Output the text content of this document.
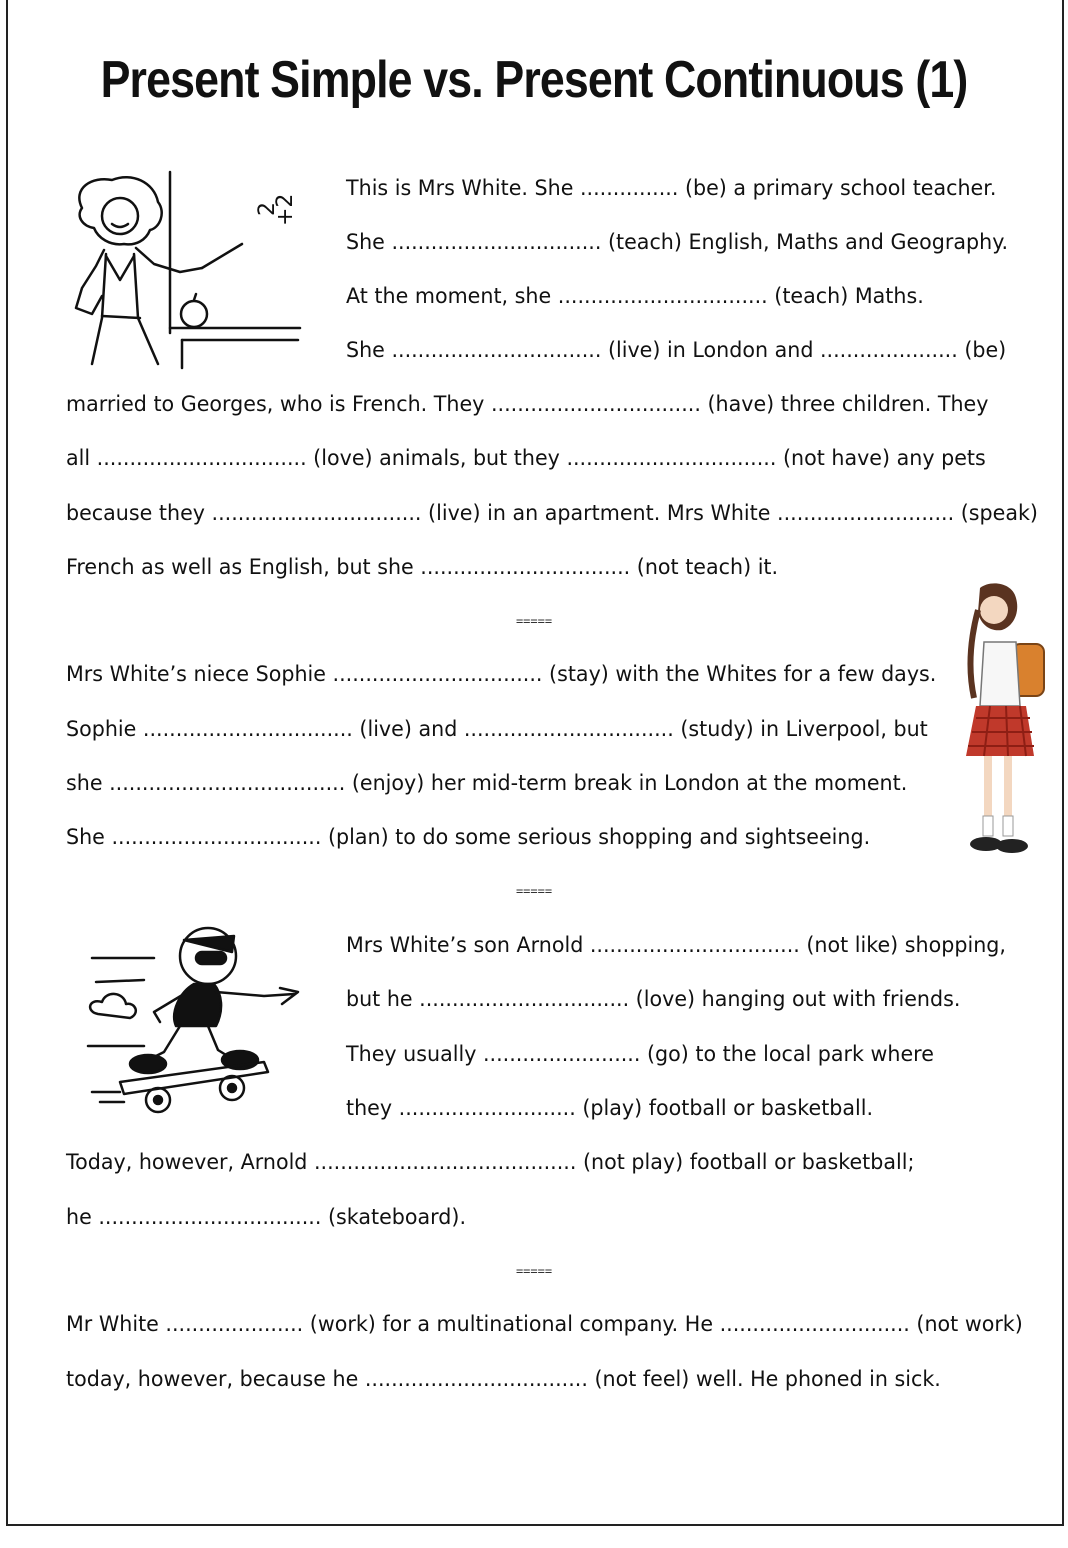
Present Simple vs. Present Continuous (1)
2
+2
This is Mrs White. She ............... (be) a primary school teacher.
She ................................ (teach) English, Maths and Geography.
At the moment, she ................................ (teach) Maths.
She ................................ (live) in London and ..................... (be)
married to Georges, who is French. They ................................ (have) three children. They
all ................................ (love) animals, but they ................................ (not have) any pets
because they ................................ (live) in an apartment. Mrs White ........................... (speak)
French as well as English, but she ................................ (not teach) it.
=====
Mrs White’s niece Sophie ................................ (stay) with the Whites for a few days.
Sophie ................................ (live) and ................................ (study) in Liverpool, but
she .................................... (enjoy) her mid-term break in London at the moment.
She ................................ (plan) to do some serious shopping and sightseeing.
=====
Mrs White’s son Arnold ................................ (not like) shopping,
but he ................................ (love) hanging out with friends.
They usually ........................ (go) to the local park where
they ........................... (play) football or basketball.
Today, however, Arnold ........................................ (not play) football or basketball;
he .................................. (skateboard).
=====
Mr White ..................... (work) for a multinational company. He ............................. (not work)
today, however, because he .................................. (not feel) well. He phoned in sick.
